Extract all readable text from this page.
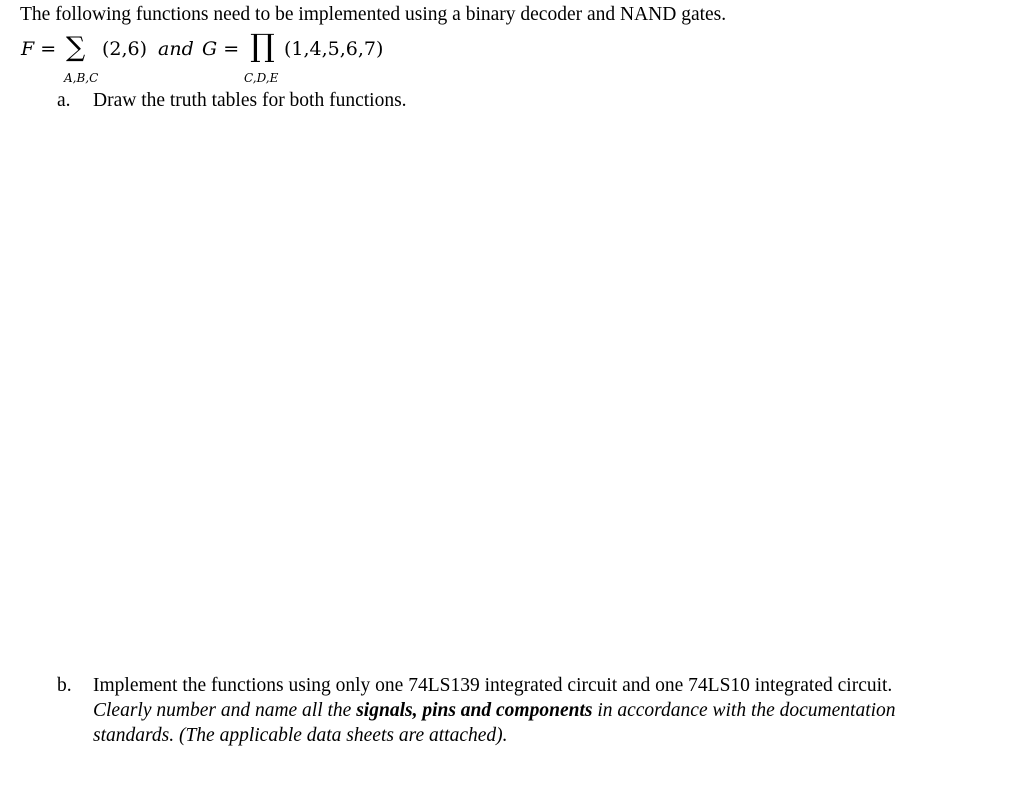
The following functions need to be implemented using a binary decoder and NAND gates.
F = ∑ (2,6) and G = ∏ (1,4,5,6,7)
A,B,C	C,D,E
a. Draw the truth tables for both functions.
b. Implement the functions using only one 74LS139 integrated circuit and one 74LS10 integrated circuit.
Clearly number and name all the signals, pins and components in accordance with the documentation
standards. (The applicable data sheets are attached).
